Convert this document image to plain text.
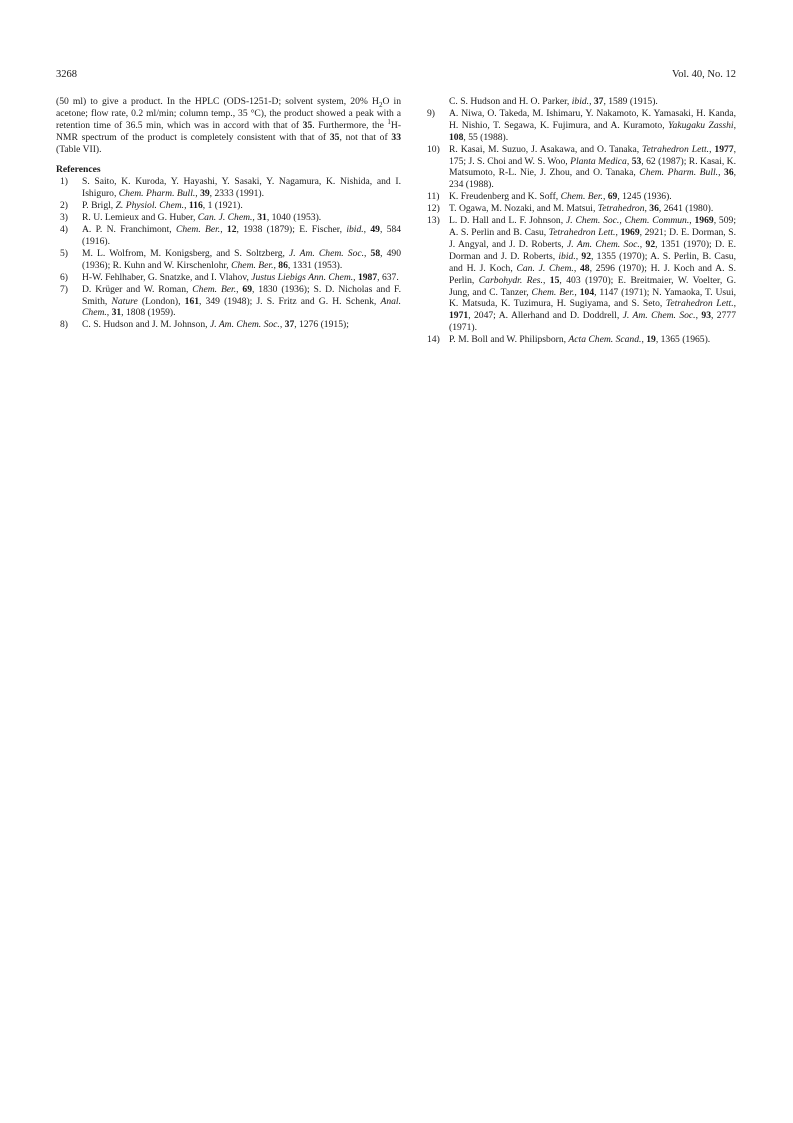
3268	Vol. 40, No. 12

(50 ml) to give a product. In the HPLC (ODS-1251-D; solvent system, 20% $H_2O$ in acetone; flow rate, 0.2 ml/min; column temp., 35 °C), the product showed a peak with a retention time of 36.5 min, which was in accord with that of 35. Furthermore, the $^1$H-NMR spectrum of the product is completely consistent with that of 35, not that of 33 (Table VII).

References
1)	S. Saito, K. Kuroda, Y. Hayashi, Y. Sasaki, Y. Nagamura, K. Nishida, and I. Ishiguro, Chem. Pharm. Bull., 39, 2333 (1991).
2)	P. Brigl, Z. Physiol. Chem., 116, 1 (1921).
3)	R. U. Lemieux and G. Huber, Can. J. Chem., 31, 1040 (1953).
4)	A. P. N. Franchimont, Chem. Ber., 12, 1938 (1879); E. Fischer, ibid., 49, 584 (1916).
5)	M. L. Wolfrom, M. Konigsberg, and S. Soltzberg, J. Am. Chem. Soc., 58, 490 (1936); R. Kuhn and W. Kirschenlohr, Chem. Ber., 86, 1331 (1953).
6)	H-W. Fehlhaber, G. Snatzke, and I. Vlahov, Justus Liebigs Ann. Chem., 1987, 637.
7)	D. Krüger and W. Roman, Chem. Ber., 69, 1830 (1936); S. D. Nicholas and F. Smith, Nature (London), 161, 349 (1948); J. S. Fritz and G. H. Schenk, Anal. Chem., 31, 1808 (1959).
8)	C. S. Hudson and J. M. Johnson, J. Am. Chem. Soc., 37, 1276 (1915);
C. S. Hudson and H. O. Parker, ibid., 37, 1589 (1915).
9)	A. Niwa, O. Takeda, M. Ishimaru, Y. Nakamoto, K. Yamasaki, H. Kanda, H. Nishio, T. Segawa, K. Fujimura, and A. Kuramoto, Yakugaku Zasshi, 108, 55 (1988).
10) R. Kasai, M. Suzuo, J. Asakawa, and O. Tanaka, Tetrahedron Lett., 1977, 175; J. S. Choi and W. S. Woo, Planta Medica, 53, 62 (1987); R. Kasai, K. Matsumoto, R-L. Nie, J. Zhou, and O. Tanaka, Chem. Pharm. Bull., 36, 234 (1988).
11) K. Freudenberg and K. Soff, Chem. Ber., 69, 1245 (1936).
12) T. Ogawa, M. Nozaki, and M. Matsui, Tetrahedron, 36, 2641 (1980).
13) L. D. Hall and L. F. Johnson, J. Chem. Soc., Chem. Commun., 1969, 509; A. S. Perlin and B. Casu, Tetrahedron Lett., 1969, 2921; D. E. Dorman, S. J. Angyal, and J. D. Roberts, J. Am. Chem. Soc., 92, 1351 (1970); D. E. Dorman and J. D. Roberts, ibid., 92, 1355 (1970); A. S. Perlin, B. Casu, and H. J. Koch, Can. J. Chem., 48, 2596 (1970); H. J. Koch and A. S. Perlin, Carbohydr. Res., 15, 403 (1970); E. Breitmaier, W. Voelter, G. Jung, and C. Tanzer, Chem. Ber., 104, 1147 (1971); N. Yamaoka, T. Usui, K. Matsuda, K. Tuzimura, H. Sugiyama, and S. Seto, Tetrahedron Lett., 1971, 2047; A. Allerhand and D. Doddrell, J. Am. Chem. Soc., 93, 2777 (1971).
14) P. M. Boll and W. Philipsborn, Acta Chem. Scand., 19, 1365 (1965).
